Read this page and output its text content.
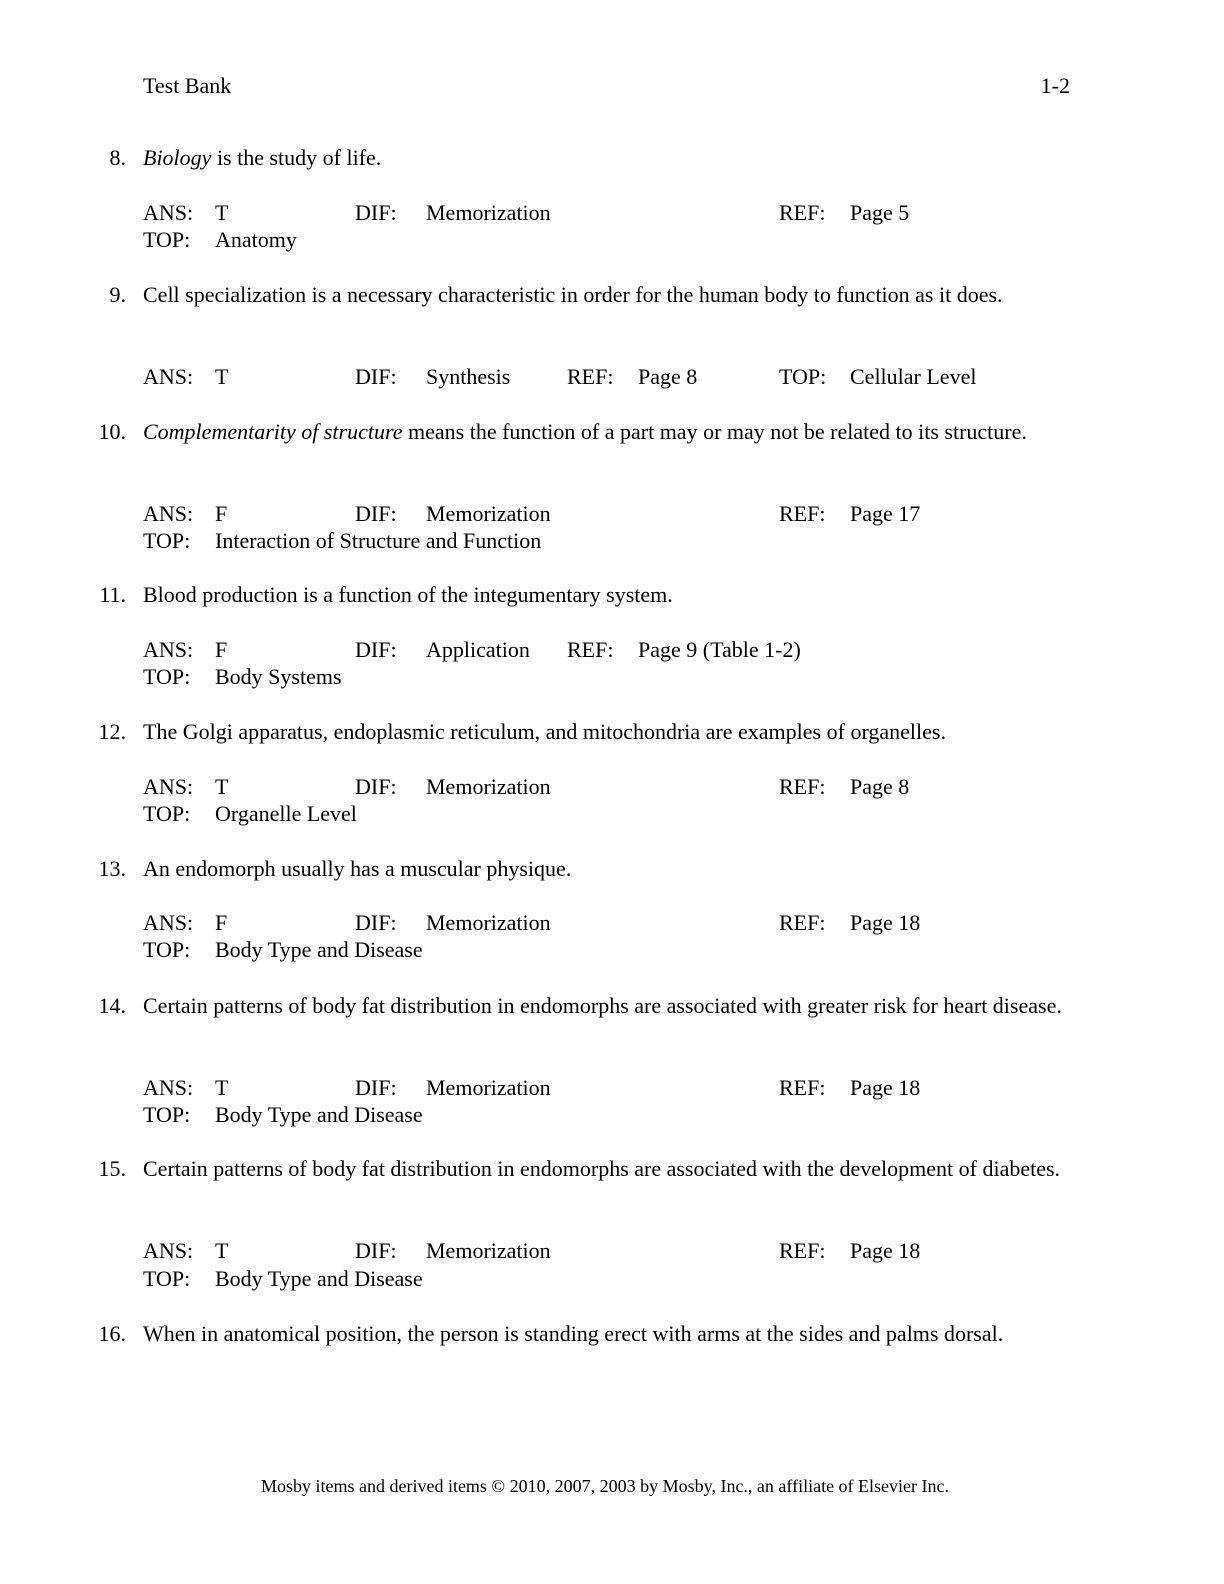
Test Bank	1-2
8. Biology is the study of life.
ANS: T	DIF: Memorization	REF: Page 5
TOP: Anatomy
9. Cell specialization is a necessary characteristic in order for the human body to function as it does.
ANS: T	DIF: Synthesis	REF: Page 8	TOP: Cellular Level
10. Complementarity of structure means the function of a part may or may not be related to its structure.
ANS: F	DIF: Memorization	REF: Page 17
TOP: Interaction of Structure and Function
11. Blood production is a function of the integumentary system.
ANS: F	DIF: Application REF: Page 9 (Table 1-2)
TOP: Body Systems
12. The Golgi apparatus, endoplasmic reticulum, and mitochondria are examples of organelles.
ANS: T	DIF: Memorization	REF: Page 8
TOP: Organelle Level
13. An endomorph usually has a muscular physique.
ANS: F	DIF: Memorization	REF: Page 18
TOP: Body Type and Disease
14. Certain patterns of body fat distribution in endomorphs are associated with greater risk for heart disease.
ANS: T	DIF: Memorization	REF: Page 18
TOP: Body Type and Disease
15. Certain patterns of body fat distribution in endomorphs are associated with the development of diabetes.
ANS: T	DIF: Memorization	REF: Page 18
TOP: Body Type and Disease
16. When in anatomical position, the person is standing erect with arms at the sides and palms dorsal.
Mosby items and derived items © 2010, 2007, 2003 by Mosby, Inc., an affiliate of Elsevier Inc.
